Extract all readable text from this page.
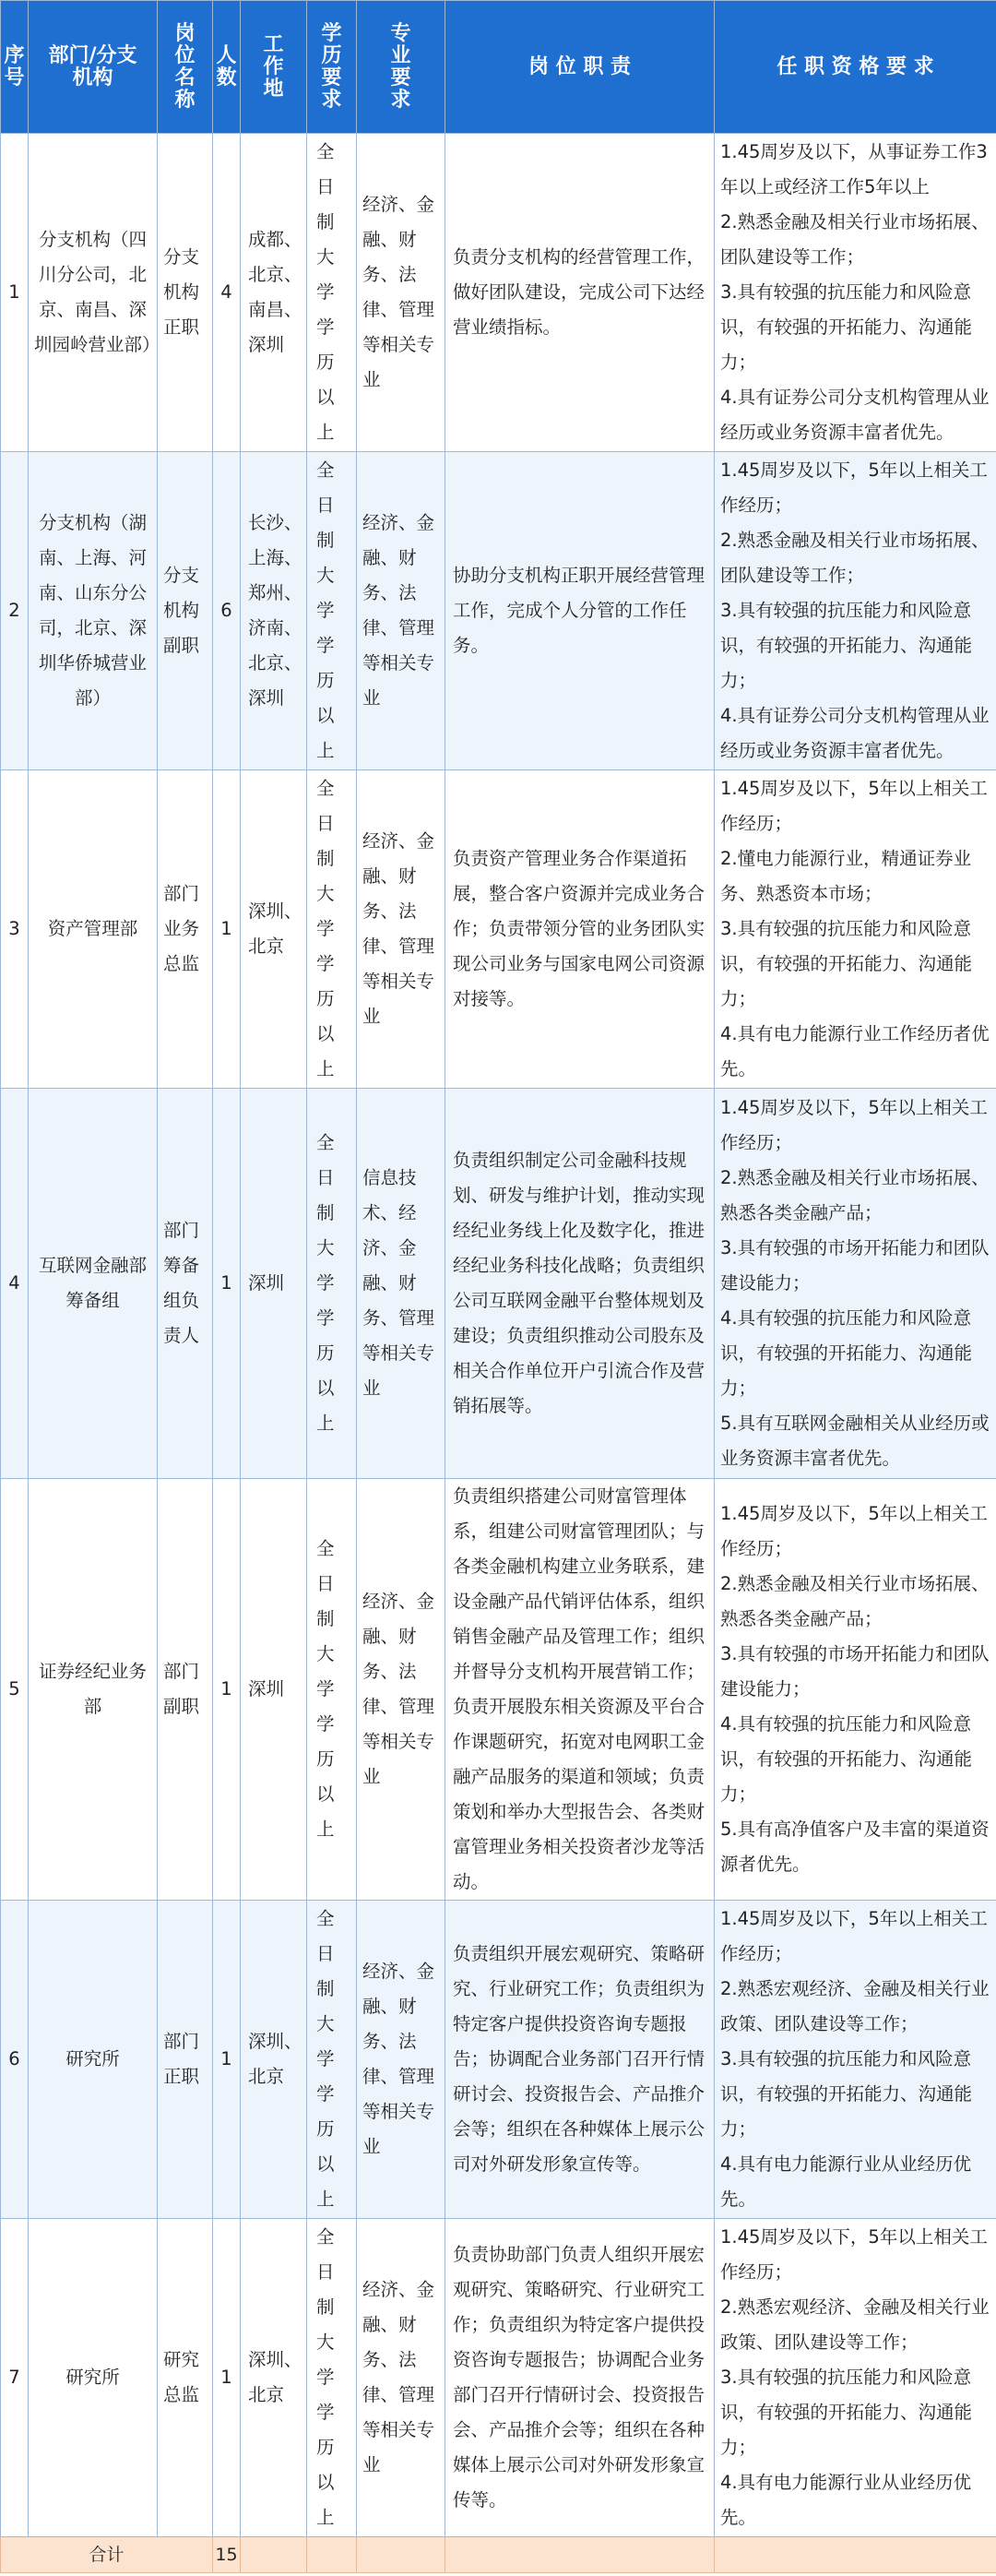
序号	部门/分支机构	岗位名称	人数	工作地	学历要求	专业要求	岗 位 职 责	任 职 资 格 要 求
1	分支机构（四川分公司，北京、南昌、深圳园岭营业部）	分支机构正职	4	成都、北京、南昌、深圳	全日制大学学历以上	经济、金融、财务、法律、管理等相关专业	负责分支机构的经营管理工作，做好团队建设，完成公司下达经营业绩指标。	1.45周岁及以下，从事证券工作3年以上或经济工作5年以上
2.熟悉金融及相关行业市场拓展、团队建设等工作；
3.具有较强的抗压能力和风险意识，有较强的开拓能力、沟通能力；
4.具有证券公司分支机构管理从业经历或业务资源丰富者优先。

2	分支机构（湖南、上海、河南、山东分公司，北京、深圳华侨城营业部）	分支机构副职	6	长沙、上海、郑州、济南、北京、深圳	全日制大学学历以上	经济、金融、财务、法律、管理等相关专业	协助分支机构正职开展经营管理工作，完成个人分管的工作任务。	1.45周岁及以下，5年以上相关工作经历；
2.熟悉金融及相关行业市场拓展、团队建设等工作；
3.具有较强的抗压能力和风险意识，有较强的开拓能力、沟通能力；
4.具有证券公司分支机构管理从业经历或业务资源丰富者优先。

3	资产管理部	部门业务总监	1	深圳、北京	全日制大学学历以上	经济、金融、财务、法律、管理等相关专业	负责资产管理业务合作渠道拓展，整合客户资源并完成业务合作；负责带领分管的业务团队实现公司业务与国家电网公司资源对接等。	1.45周岁及以下，5年以上相关工作经历；
2.懂电力能源行业，精通证券业务、熟悉资本市场；
3.具有较强的抗压能力和风险意识，有较强的开拓能力、沟通能力；
4.具有电力能源行业工作经历者优先。

4	互联网金融部筹备组	部门筹备组负责人	1	深圳	全日制大学学历以上	信息技术、经济、金融、财务、管理等相关专业	负责组织制定公司金融科技规划、研发与维护计划，推动实现经纪业务线上化及数字化，推进经纪业务科技化战略；负责组织公司互联网金融平台整体规划及建设；负责组织推动公司股东及相关合作单位开户引流合作及营销拓展等。	1.45周岁及以下，5年以上相关工作经历；
2.熟悉金融及相关行业市场拓展、熟悉各类金融产品；
3.具有较强的市场开拓能力和团队建设能力；
4.具有较强的抗压能力和风险意识，有较强的开拓能力、沟通能力；
5.具有互联网金融相关从业经历或业务资源丰富者优先。

5	证券经纪业务部	部门副职	1	深圳	全日制大学学历以上	经济、金融、财务、法律、管理等相关专业	负责组织搭建公司财富管理体系，组建公司财富管理团队；与各类金融机构建立业务联系，建设金融产品代销评估体系，组织销售金融产品及管理工作；组织并督导分支机构开展营销工作；负责开展股东相关资源及平台合作课题研究，拓宽对电网职工金融产品服务的渠道和领域；负责策划和举办大型报告会、各类财富管理业务相关投资者沙龙等活动。	1.45周岁及以下，5年以上相关工作经历；
2.熟悉金融及相关行业市场拓展、熟悉各类金融产品；
3.具有较强的市场开拓能力和团队建设能力；
4.具有较强的抗压能力和风险意识，有较强的开拓能力、沟通能力；
5.具有高净值客户及丰富的渠道资源者优先。

6	研究所	部门正职	1	深圳、北京	全日制大学学历以上	经济、金融、财务、法律、管理等相关专业	负责组织开展宏观研究、策略研究、行业研究工作；负责组织为特定客户提供投资咨询专题报告；协调配合业务部门召开行情研讨会、投资报告会、产品推介会等；组织在各种媒体上展示公司对外研发形象宣传等。	1.45周岁及以下，5年以上相关工作经历；
2.熟悉宏观经济、金融及相关行业政策、团队建设等工作；
3.具有较强的抗压能力和风险意识，有较强的开拓能力、沟通能力；
4.具有电力能源行业从业经历优先。

7	研究所	研究总监	1	深圳、北京	全日制大学学历以上	经济、金融、财务、法律、管理等相关专业	负责协助部门负责人组织开展宏观研究、策略研究、行业研究工作；负责组织为特定客户提供投资咨询专题报告；协调配合业务部门召开行情研讨会、投资报告会、产品推介会等；组织在各种媒体上展示公司对外研发形象宣传等。	1.45周岁及以下，5年以上相关工作经历；
2.熟悉宏观经济、金融及相关行业政策、团队建设等工作；
3.具有较强的抗压能力和风险意识，有较强的开拓能力、沟通能力；
4.具有电力能源行业从业经历优先。

合计			15					
